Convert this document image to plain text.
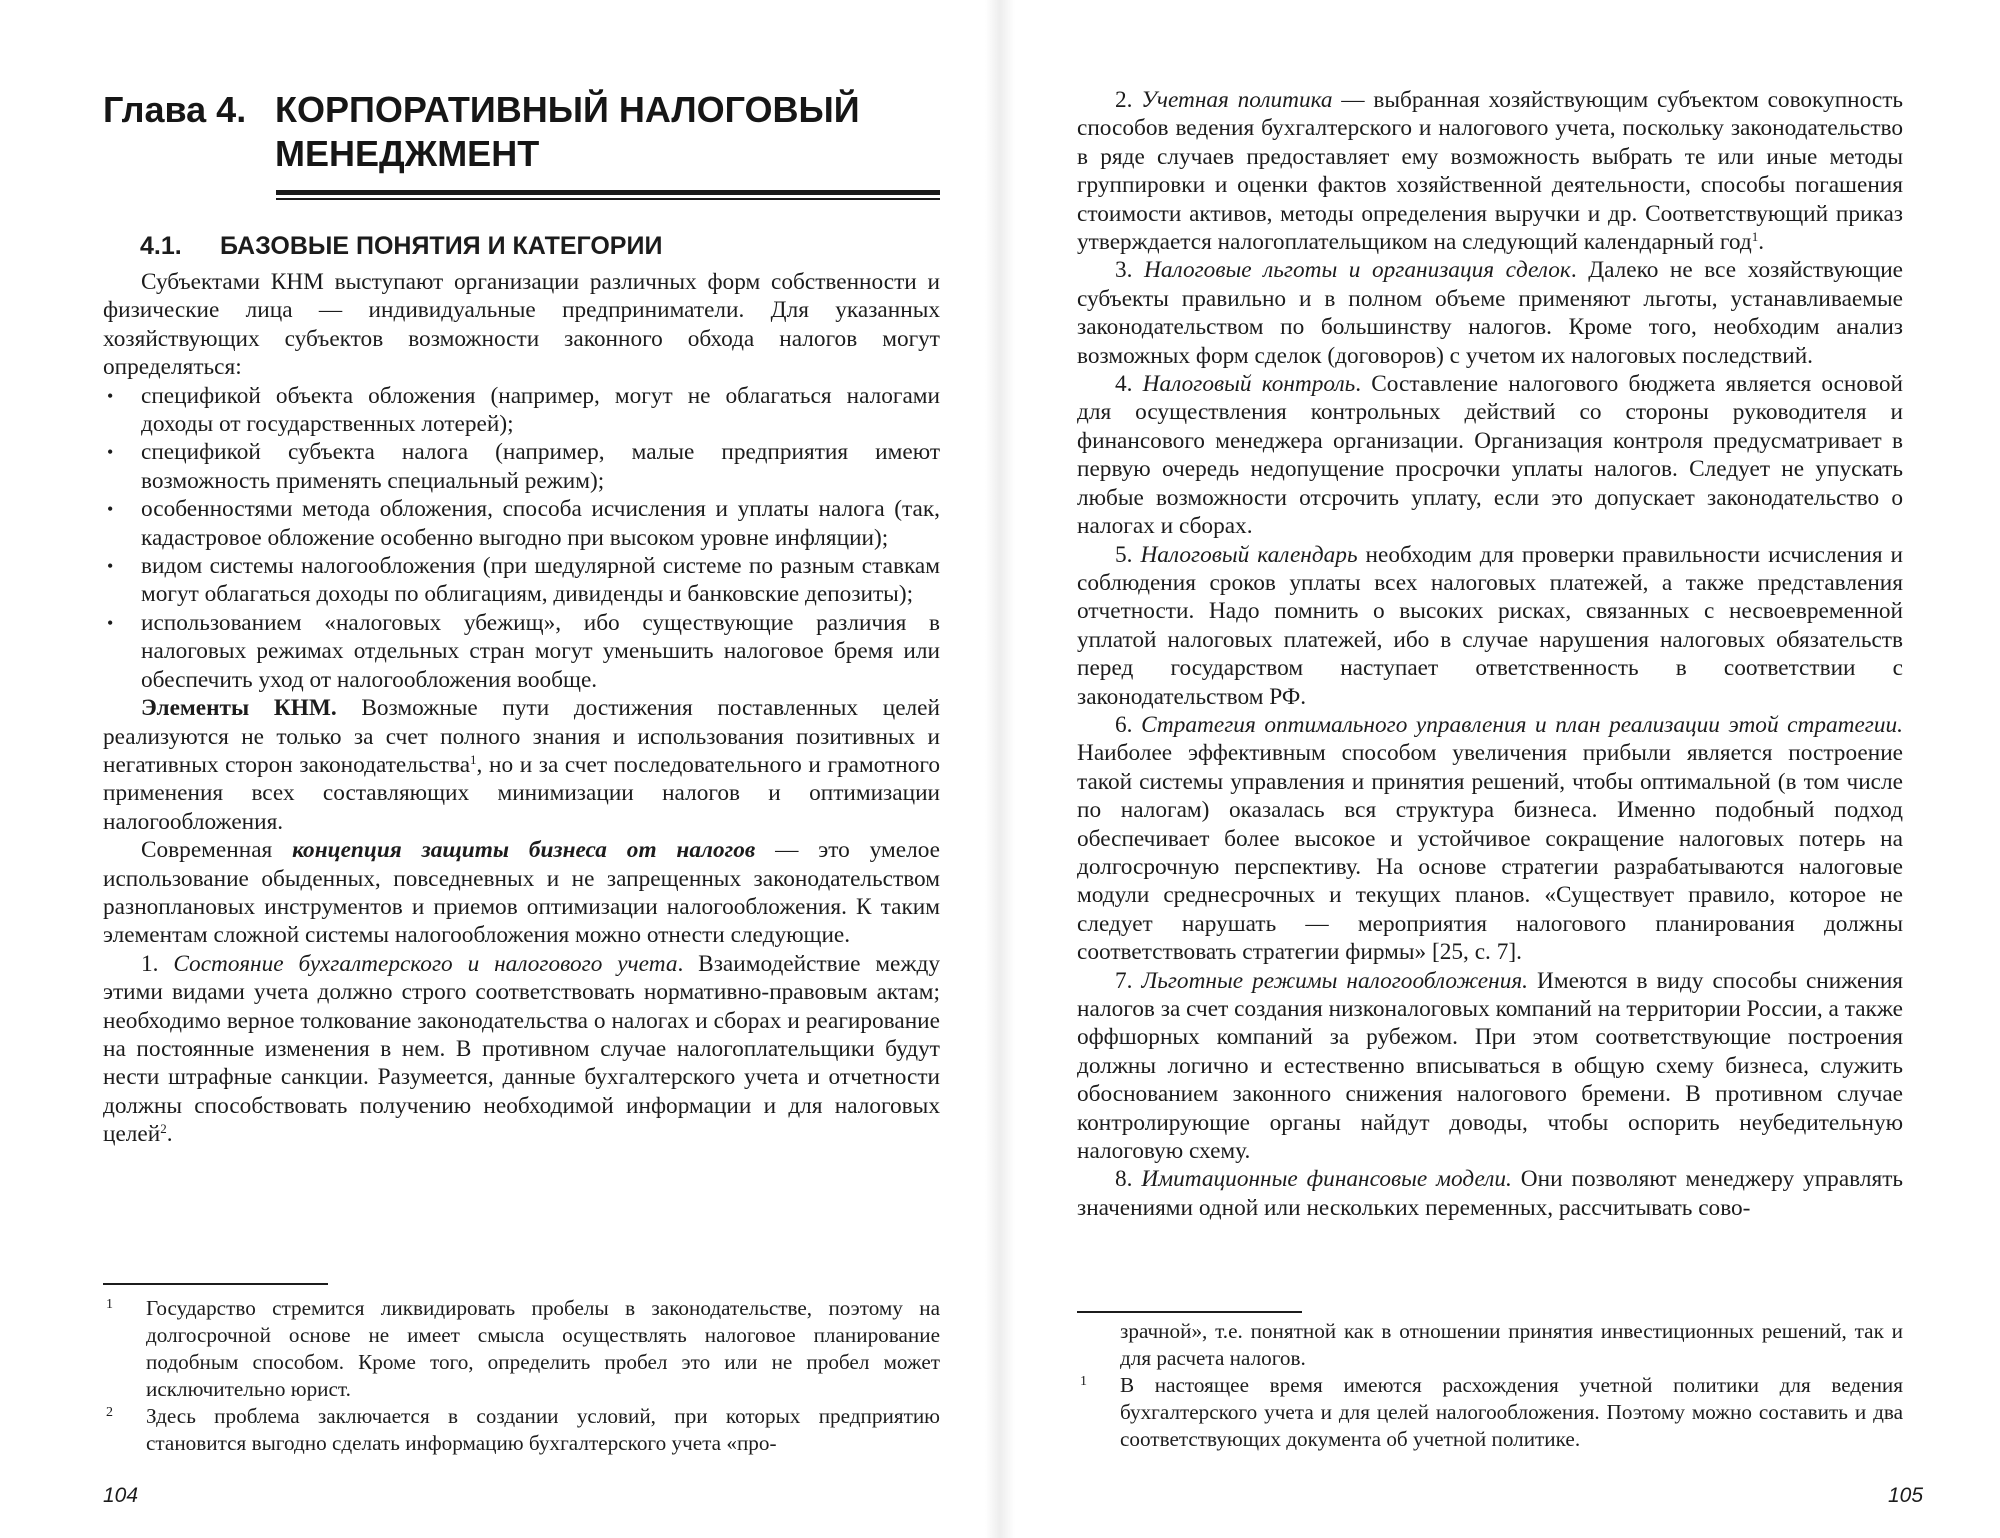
Глава 4. КОРПОРАТИВНЫЙ НАЛОГОВЫЙ МЕНЕДЖМЕНТ
4.1. БАЗОВЫЕ ПОНЯТИЯ И КАТЕГОРИИ

Субъектами КНМ выступают организации различных форм собственности и физические лица — индивидуальные предприниматели. Для указанных хозяйствующих субъектов возможности законного обхода налогов могут определяться:

• спецификой объекта обложения (например, могут не облагаться налогами доходы от государственных лотерей);
• спецификой субъекта налога (например, малые предприятия имеют возможность применять специальный режим);
• особенностями метода обложения, способа исчисления и уплаты налога (так, кадастровое обложение особенно выгодно при высоком уровне инфляции);
• видом системы налогообложения (при шедулярной системе по разным ставкам могут облагаться доходы по облигациям, дивиденды и банковские депозиты);
• использованием «налоговых убежищ», ибо существующие различия в налоговых режимах отдельных стран могут уменьшить налоговое бремя или обеспечить уход от налогообложения вообще.

Элементы КНМ. Возможные пути достижения поставленных целей реализуются не только за счет полного знания и использования позитивных и негативных сторон законодательства$^1$, но и за счет последовательного и грамотного применения всех составляющих минимизации налогов и оптимизации налогообложения.

Современная концепция защиты бизнеса от налогов — это умелое использование обыденных, повседневных и не запрещенных законодательством разноплановых инструментов и приемов оптимизации налогообложения. К таким элементам сложной системы налогообложения можно отнести следующие.

1. Состояние бухгалтерского и налогового учета. Взаимодействие между этими видами учета должно строго соответствовать нормативно-правовым актам; необходимо верное толкование законодательства о налогах и сборах и реагирование на постоянные изменения в нем. В противном случае налогоплательщики будут нести штрафные санкции. Разумеется, данные бухгалтерского учета и отчетности должны способствовать получению необходимой информации и для налоговых целей$^2$.

1 Государство стремится ликвидировать пробелы в законодательстве, поэтому на долгосрочной основе не имеет смысла осуществлять налоговое планирование подобным способом. Кроме того, определить пробел это или не пробел может исключительно юрист.
2 Здесь проблема заключается в создании условий, при которых предприятию становится выгодно сделать информацию бухгалтерского учета «про-
104

2. Учетная политика — выбранная хозяйствующим субъектом совокупность способов ведения бухгалтерского и налогового учета, поскольку законодательство в ряде случаев предоставляет ему возможность выбрать те или иные методы группировки и оценки фактов хозяйственной деятельности, способы погашения стоимости активов, методы определения выручки и др. Соответствующий приказ утверждается налогоплательщиком на следующий календарный год$^1$.

3. Налоговые льготы и организация сделок. Далеко не все хозяйствующие субъекты правильно и в полном объеме применяют льготы, устанавливаемые законодательством по большинству налогов. Кроме того, необходим анализ возможных форм сделок (договоров) с учетом их налоговых последствий.

4. Налоговый контроль. Составление налогового бюджета является основой для осуществления контрольных действий со стороны руководителя и финансового менеджера организации. Организация контроля предусматривает в первую очередь недопущение просрочки уплаты налогов. Следует не упускать любые возможности отсрочить уплату, если это допускает законодательство о налогах и сборах.

5. Налоговый календарь необходим для проверки правильности исчисления и соблюдения сроков уплаты всех налоговых платежей, а также представления отчетности. Надо помнить о высоких рисках, связанных с несвоевременной уплатой налоговых платежей, ибо в случае нарушения налоговых обязательств перед государством наступает ответственность в соответствии с законодательством РФ.

6. Стратегия оптимального управления и план реализации этой стратегии. Наиболее эффективным способом увеличения прибыли является построение такой системы управления и принятия решений, чтобы оптимальной (в том числе по налогам) оказалась вся структура бизнеса. Именно подобный подход обеспечивает более высокое и устойчивое сокращение налоговых потерь на долгосрочную перспективу. На основе стратегии разрабатываются налоговые модули среднесрочных и текущих планов. «Существует правило, которое не следует нарушать — мероприятия налогового планирования должны соответствовать стратегии фирмы» [25, с. 7].

7. Льготные режимы налогообложения. Имеются в виду способы снижения налогов за счет создания низконалоговых компаний на территории России, а также оффшорных компаний за рубежом. При этом соответствующие построения должны логично и естественно вписываться в общую схему бизнеса, служить обоснованием законного снижения налогового бремени. В противном случае контролирующие органы найдут доводы, чтобы оспорить неубедительную налоговую схему.

8. Имитационные финансовые модели. Они позволяют менеджеру управлять значениями одной или нескольких переменных, рассчитывать сово-

зрачной», т.е. понятной как в отношении принятия инвестиционных решений, так и для расчета налогов.
1 В настоящее время имеются расхождения учетной политики для ведения бухгалтерского учета и для целей налогообложения. Поэтому можно составить и два соответствующих документа об учетной политике.
105
